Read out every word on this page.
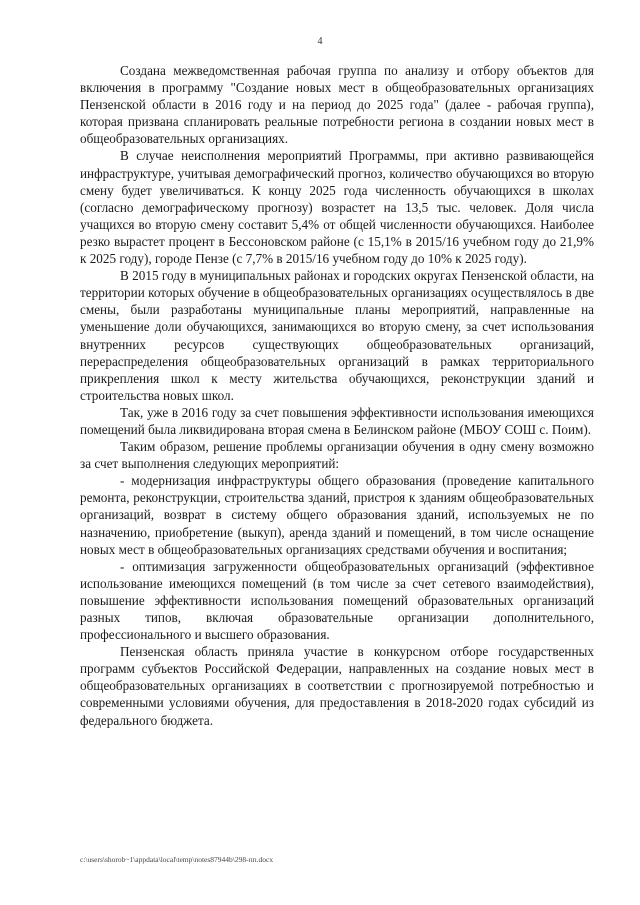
4

Создана межведомственная рабочая группа по анализу и отбору объектов для включения в программу "Создание новых мест в общеобразовательных организациях Пензенской области в 2016 году и на период до 2025 года" (далее - рабочая группа), которая призвана спланировать реальные потребности региона в создании новых мест в общеобразовательных организациях.

В случае неисполнения мероприятий Программы, при активно развивающейся инфраструктуре, учитывая демографический прогноз, количество обучающихся во вторую смену будет увеличиваться. К концу 2025 года численность обучающихся в школах (согласно демографическому прогнозу) возрастет на 13,5 тыс. человек. Доля числа учащихся во вторую смену составит 5,4% от общей численности обучающихся. Наиболее резко вырастет процент в Бессоновском районе (с 15,1% в 2015/16 учебном году до 21,9% к 2025 году), городе Пензе (с 7,7% в 2015/16 учебном году до 10% к 2025 году).

В 2015 году в муниципальных районах и городских округах Пензенской области, на территории которых обучение в общеобразовательных организациях осуществлялось в две смены, были разработаны муниципальные планы мероприятий, направленные на уменьшение доли обучающихся, занимающихся во вторую смену, за счет использования внутренних ресурсов существующих общеобразовательных организаций, перераспределения общеобразовательных организаций в рамках территориального прикрепления школ к месту жительства обучающихся, реконструкции зданий и строительства новых школ.

Так, уже в 2016 году за счет повышения эффективности использования имеющихся помещений была ликвидирована вторая смена в Белинском районе (МБОУ СОШ с. Поим).

Таким образом, решение проблемы организации обучения в одну смену возможно за счет выполнения следующих мероприятий:

- модернизация инфраструктуры общего образования (проведение капитального ремонта, реконструкции, строительства зданий, пристроя к зданиям общеобразовательных организаций, возврат в систему общего образования зданий, используемых не по назначению, приобретение (выкуп), аренда зданий и помещений, в том числе оснащение новых мест в общеобразовательных организациях средствами обучения и воспитания;

- оптимизация загруженности общеобразовательных организаций (эффективное использование имеющихся помещений (в том числе за счет сетевого взаимодействия), повышение эффективности использования помещений образовательных организаций разных типов, включая образовательные организации дополнительного, профессионального и высшего образования.

Пензенская область приняла участие в конкурсном отборе государственных программ субъектов Российской Федерации, направленных на создание новых мест в общеобразовательных организациях в соответствии с прогнозируемой потребностью и современными условиями обучения, для предоставления в 2018-2020 годах субсидий из федерального бюджета.

c:\users\shorob~1\appdata\local\temp\notes87944b\298-пп.docx
